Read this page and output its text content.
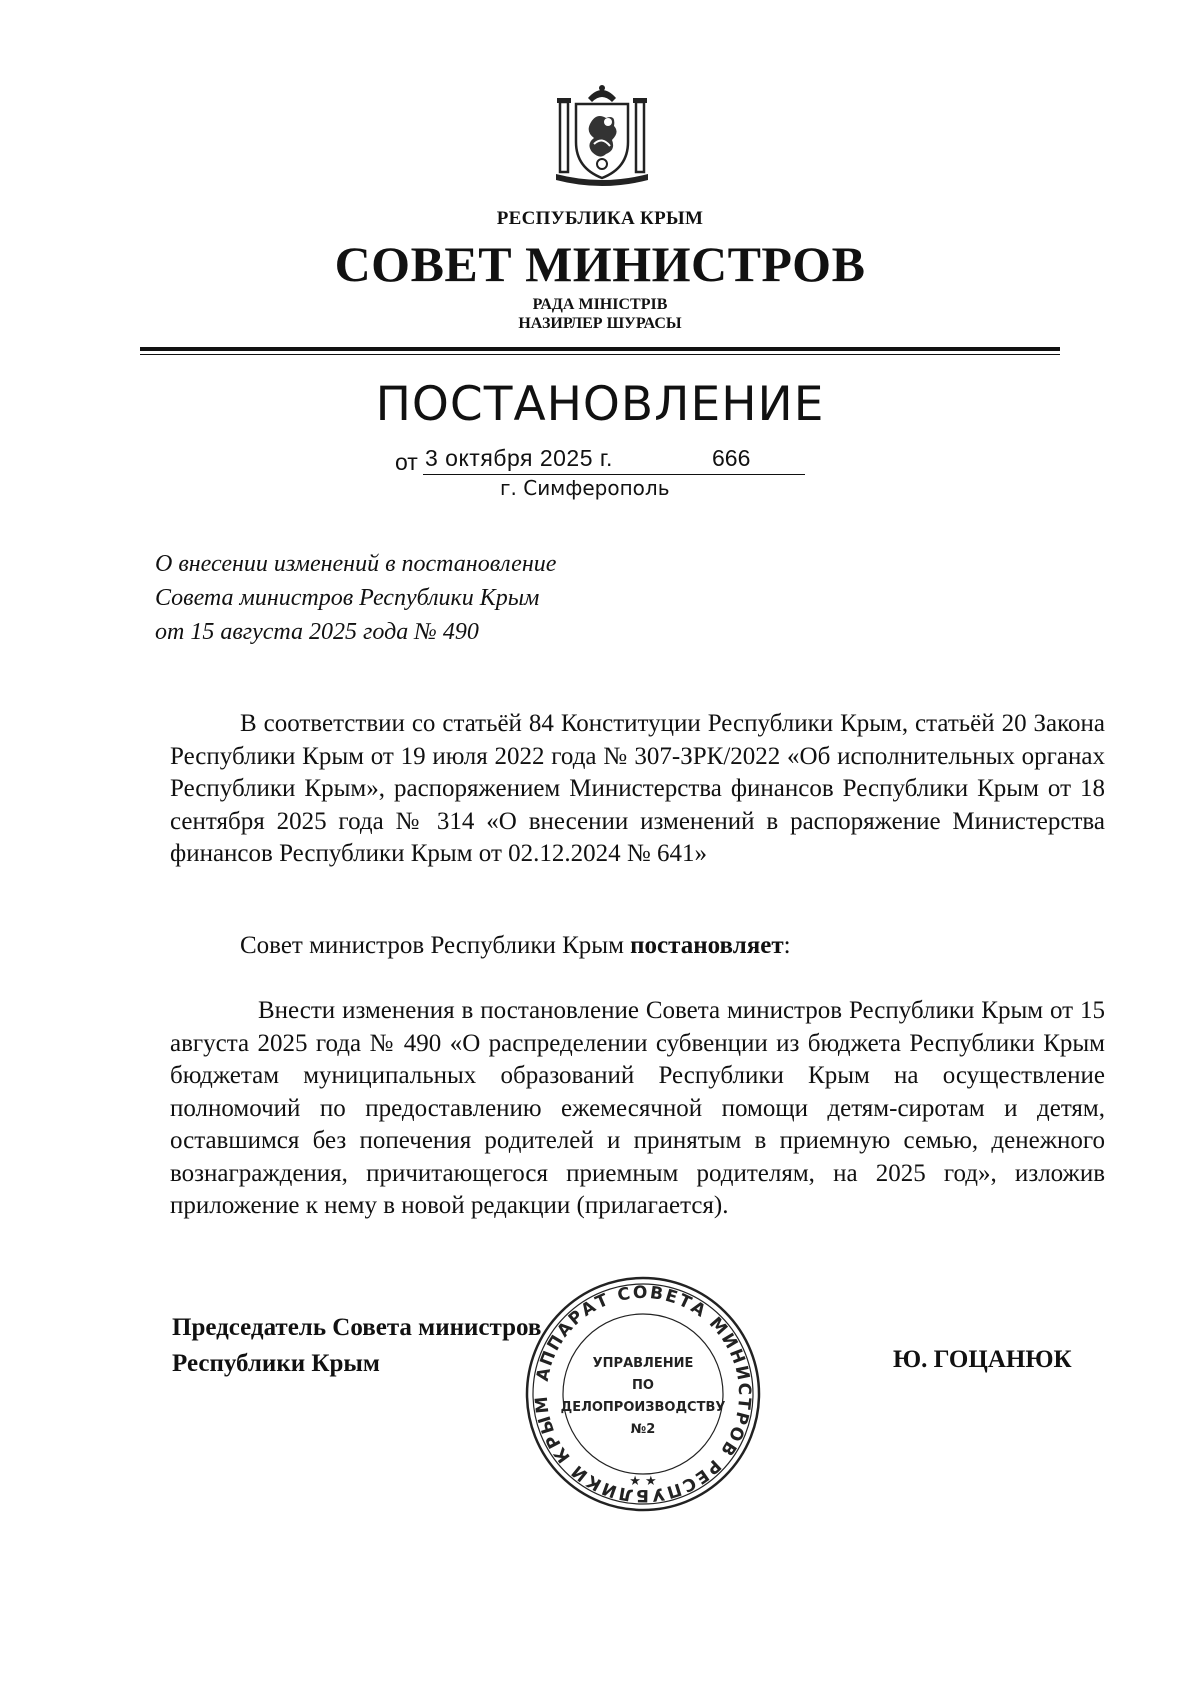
РЕСПУБЛИКА КРЫМ
СОВЕТ МИНИСТРОВ
РАДА МІНІСТРІВ
НАЗИРЛЕР ШУРАСЫ
ПОСТАНОВЛЕНИЕ
от 3 октября 2025 г.	666
г. Симферополь
О внесении изменений в постановление
Совета министров Республики Крым
от 15 августа 2025 года № 490
В соответствии со статьёй 84 Конституции Республики Крым, статьёй 20 Закона Республики Крым от 19 июля 2022 года № 307-ЗРК/2022 «Об исполнительных органах Республики Крым», распоряжением Министерства финансов Республики Крым от 18 сентября 2025 года № 314 «О внесении изменений в распоряжение Министерства финансов Республики Крым от 02.12.2024 № 641»
Совет министров Республики Крым постановляет:
Внести изменения в постановление Совета министров Республики Крым от 15 августа 2025 года № 490 «О распределении субвенции из бюджета Республики Крым бюджетам муниципальных образований Республики Крым на осуществление полномочий по предоставлению ежемесячной помощи детям-сиротам и детям, оставшимся без попечения родителей и принятым в приемную семью, денежного вознаграждения, причитающегося приемным родителям, на 2025 год», изложив приложение к нему в новой редакции (прилагается).
Председатель Совета министров
Республики Крым	Ю. ГОЦАНЮК
АППАРАТ СОВЕТА МИНИСТРОВ РЕСПУБЛИКИ КРЫМ
★ ★
УПРАВЛЕНИЕ
ПО
ДЕЛОПРОИЗВОДСТВУ
№2
